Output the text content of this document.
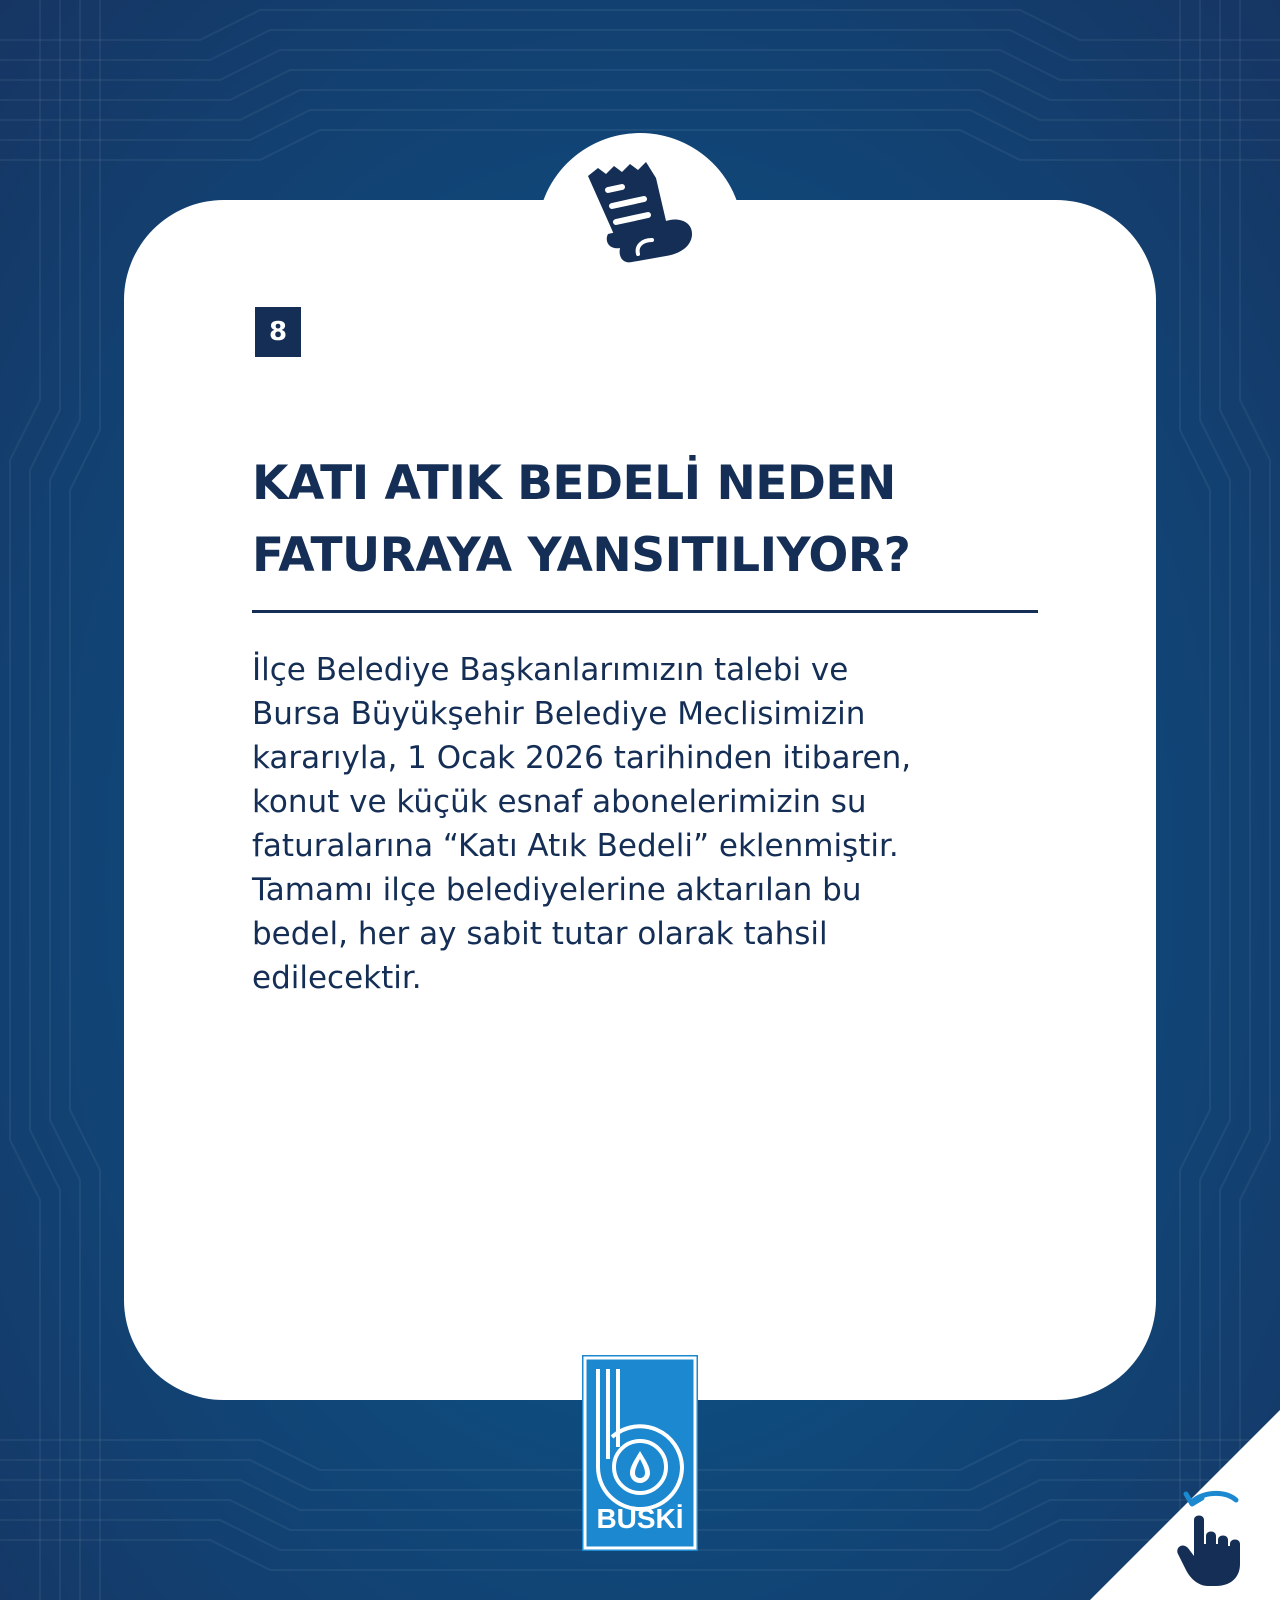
8
KATI ATIK BEDELİ NEDEN
FATURAYA YANSITILIYOR?

İlçe Belediye Başkanlarımızın talebi ve
Bursa Büyükşehir Belediye Meclisimizin
kararıyla, 1 Ocak 2026 tarihinden itibaren,
konut ve küçük esnaf abonelerimizin su
faturalarına “Katı Atık Bedeli” eklenmiştir.
Tamamı ilçe belediyelerine aktarılan bu
bedel, her ay sabit tutar olarak tahsil
edilecektir.

BUSKİ
